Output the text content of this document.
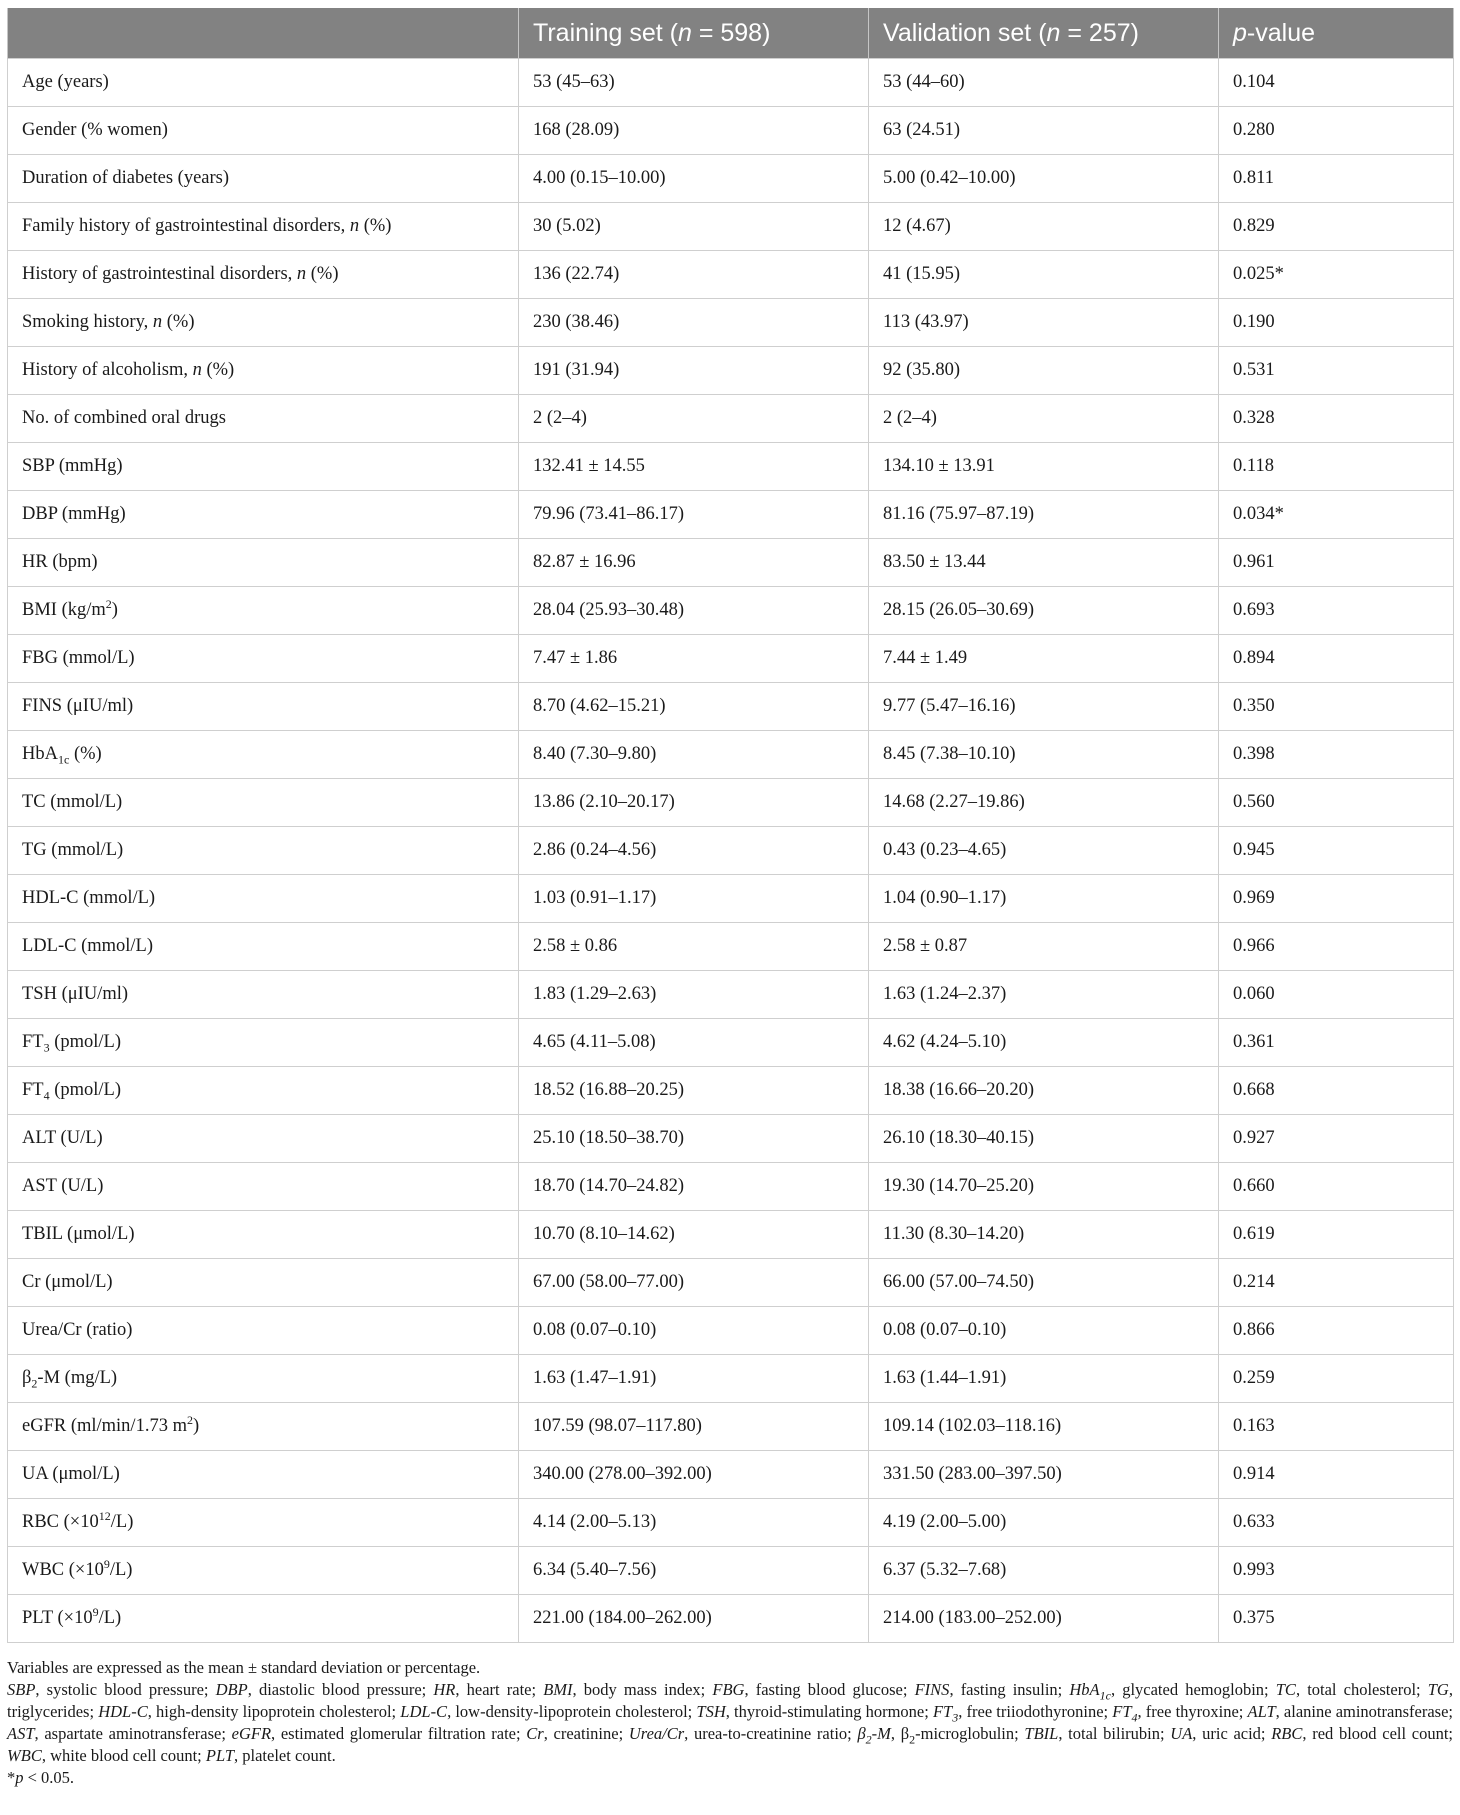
	Training set (n = 598)	Validation set (n = 257)	p-value
Age (years)	53 (45–63)	53 (44–60)	0.104
Gender (% women)	168 (28.09)	63 (24.51)	0.280
Duration of diabetes (years)	4.00 (0.15–10.00)	5.00 (0.42–10.00)	0.811
Family history of gastrointestinal disorders, n (%)	30 (5.02)	12 (4.67)	0.829
History of gastrointestinal disorders, n (%)	136 (22.74)	41 (15.95)	0.025*
Smoking history, n (%)	230 (38.46)	113 (43.97)	0.190
History of alcoholism, n (%)	191 (31.94)	92 (35.80)	0.531
No. of combined oral drugs	2 (2–4)	2 (2–4)	0.328
SBP (mmHg)	132.41 ± 14.55	134.10 ± 13.91	0.118
DBP (mmHg)	79.96 (73.41–86.17)	81.16 (75.97–87.19)	0.034*
HR (bpm)	82.87 ± 16.96	83.50 ± 13.44	0.961
BMI $(kg/m^2)$	28.04 (25.93–30.48)	28.15 (26.05–30.69)	0.693
FBG (mmol/L)	7.47 ± 1.86	7.44 ± 1.49	0.894
FINS (μIU/ml)	8.70 (4.62–15.21)	9.77 (5.47–16.16)	0.350
HbA$_{1c}$ (%)	8.40 (7.30–9.80)	8.45 (7.38–10.10)	0.398
TC (mmol/L)	13.86 (2.10–20.17)	14.68 (2.27–19.86)	0.560
TG (mmol/L)	2.86 (0.24–4.56)	0.43 (0.23–4.65)	0.945
HDL-C (mmol/L)	1.03 (0.91–1.17)	1.04 (0.90–1.17)	0.969
LDL-C (mmol/L)	2.58 ± 0.86	2.58 ± 0.87	0.966
TSH (μIU/ml)	1.83 (1.29–2.63)	1.63 (1.24–2.37)	0.060
$FT_3$ (pmol/L)	4.65 (4.11–5.08)	4.62 (4.24–5.10)	0.361
$FT_4$ (pmol/L)	18.52 (16.88–20.25)	18.38 (16.66–20.20)	0.668
ALT (U/L)	25.10 (18.50–38.70)	26.10 (18.30–40.15)	0.927
AST (U/L)	18.70 (14.70–24.82)	19.30 (14.70–25.20)	0.660
TBIL (μmol/L)	10.70 (8.10–14.62)	11.30 (8.30–14.20)	0.619
Cr (μmol/L)	67.00 (58.00–77.00)	66.00 (57.00–74.50)	0.214
Urea/Cr (ratio)	0.08 (0.07–0.10)	0.08 (0.07–0.10)	0.866
$\beta_2-M$ (mg/L)	1.63 (1.47–1.91)	1.63 (1.44–1.91)	0.259
eGFR (ml/min/1.73 $m^2$)	107.59 (98.07–117.80)	109.14 (102.03–118.16)	0.163
UA (μmol/L)	340.00 (278.00–392.00)	331.50 (283.00–397.50)	0.914
RBC $(\times 10^{12}/L)$	4.14 (2.00–5.13)	4.19 (2.00–5.00)	0.633
WBC $(\times 10^9/L)$	6.34 (5.40–7.56)	6.37 (5.32–7.68)	0.993
PLT $(\times 10^9/L)$	221.00 (184.00–262.00)	214.00 (183.00–252.00)	0.375

Variables are expressed as the mean ± standard deviation or percentage.

SBP, systolic blood pressure; DBP, diastolic blood pressure; HR, heart rate; BMI, body mass index; FBG, fasting blood glucose; FINS, fasting insulin; HbA$_{1c}$, glycated hemoglobin; TC, total cholesterol; TG, triglycerides; HDL-C, high-density lipoprotein cholesterol; LDL-C, low-density-lipoprotein cholesterol; TSH, thyroid-stimulating hormone; $FT_3$, free triiodothyronine; $FT_4$, free thyroxine; ALT, alanine aminotransferase; AST, aspartate aminotransferase; eGFR, estimated glomerular filtration rate; Cr, creatinine; Urea/Cr, urea-to-creatinine ratio; $\beta_2-M$, $\beta_2$-microglobulin; TBIL, total bilirubin; UA, uric acid; RBC, red blood cell count; WBC, white blood cell count; PLT, platelet count.

*p < 0.05.
